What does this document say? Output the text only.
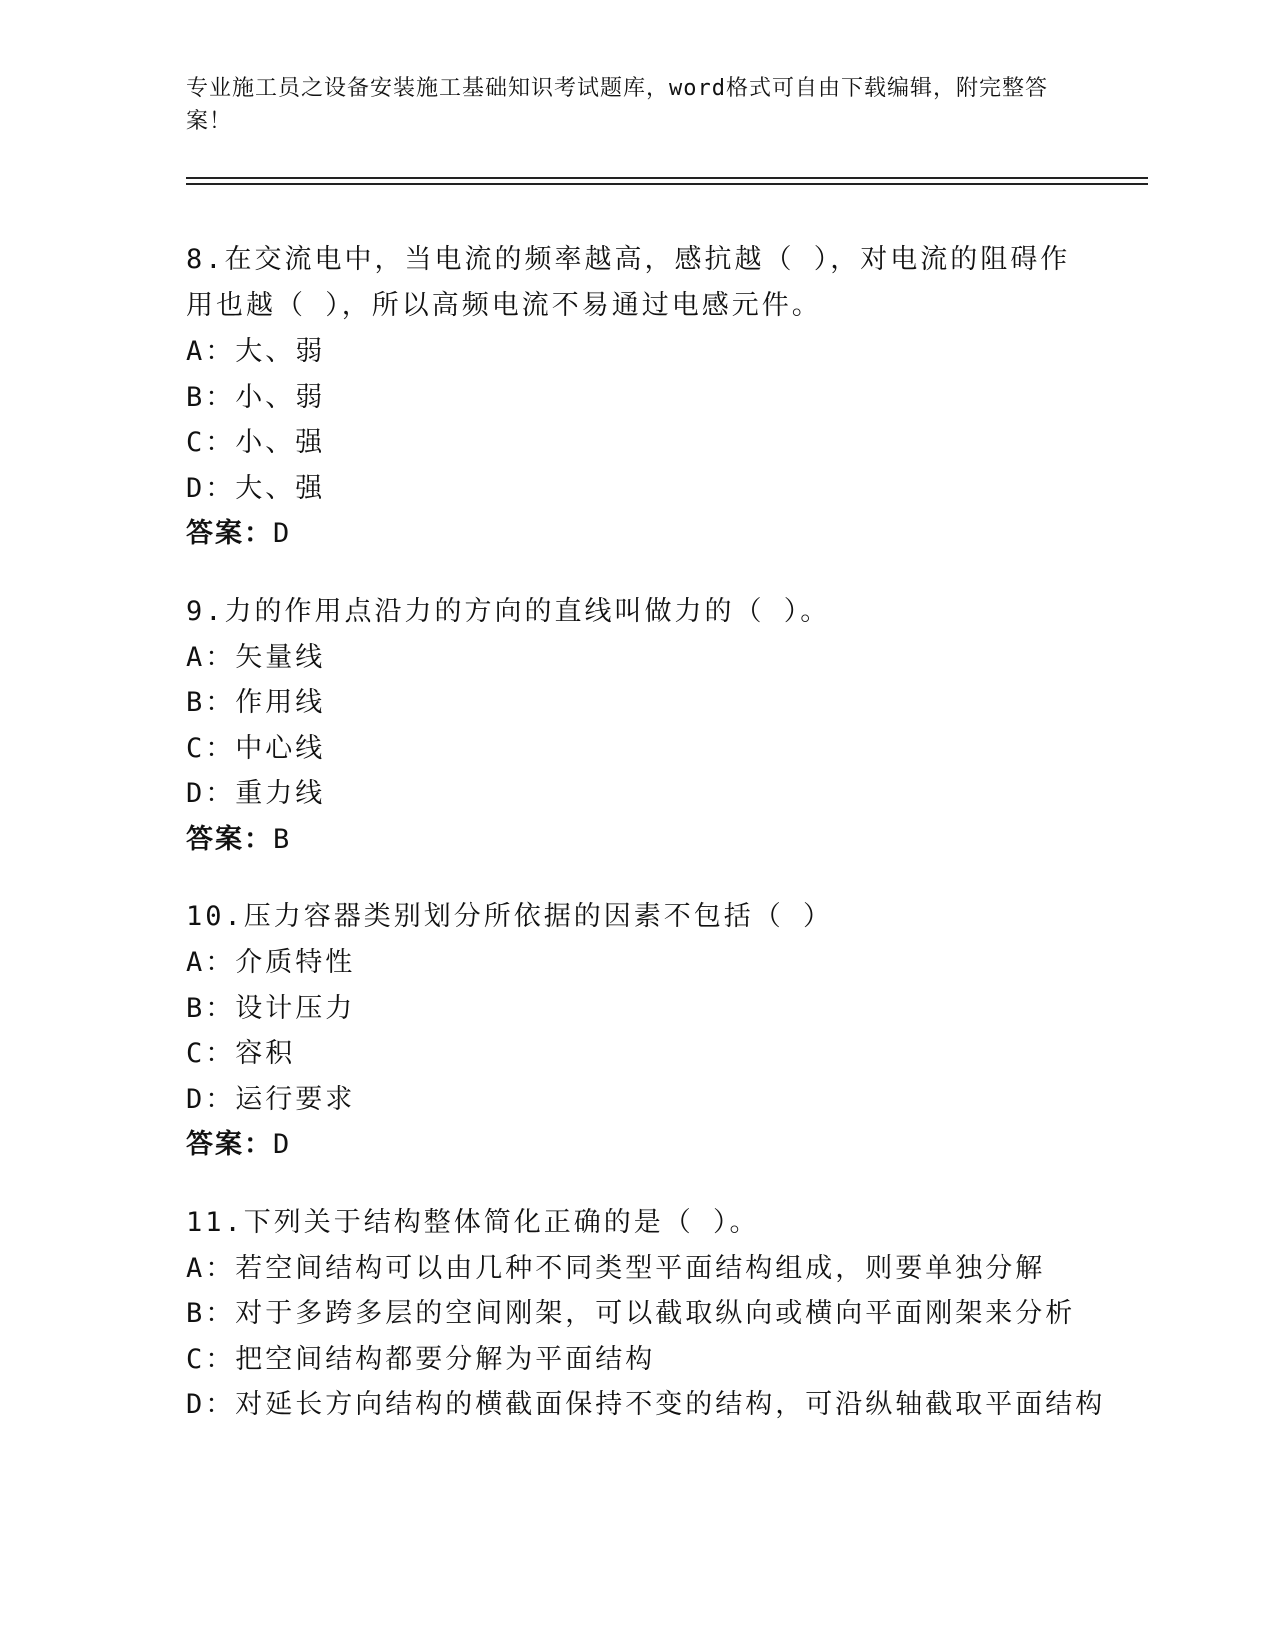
专业施工员之设备安装施工基础知识考试题库，word格式可自由下载编辑，附完整答案！
8.在交流电中，当电流的频率越高，感抗越（ ），对电流的阻碍作用也越（ ），所以高频电流不易通过电感元件。
A：大、弱
B：小、弱
C：小、强
D：大、强
答案：D
9.力的作用点沿力的方向的直线叫做力的（ ）。
A：矢量线
B：作用线
C：中心线
D：重力线
答案：B
10.压力容器类别划分所依据的因素不包括（ ）
A：介质特性
B：设计压力
C：容积
D：运行要求
答案：D
11.下列关于结构整体简化正确的是（ ）。
A：若空间结构可以由几种不同类型平面结构组成，则要单独分解
B：对于多跨多层的空间刚架，可以截取纵向或横向平面刚架来分析
C：把空间结构都要分解为平面结构
D：对延长方向结构的横截面保持不变的结构，可沿纵轴截取平面结构
